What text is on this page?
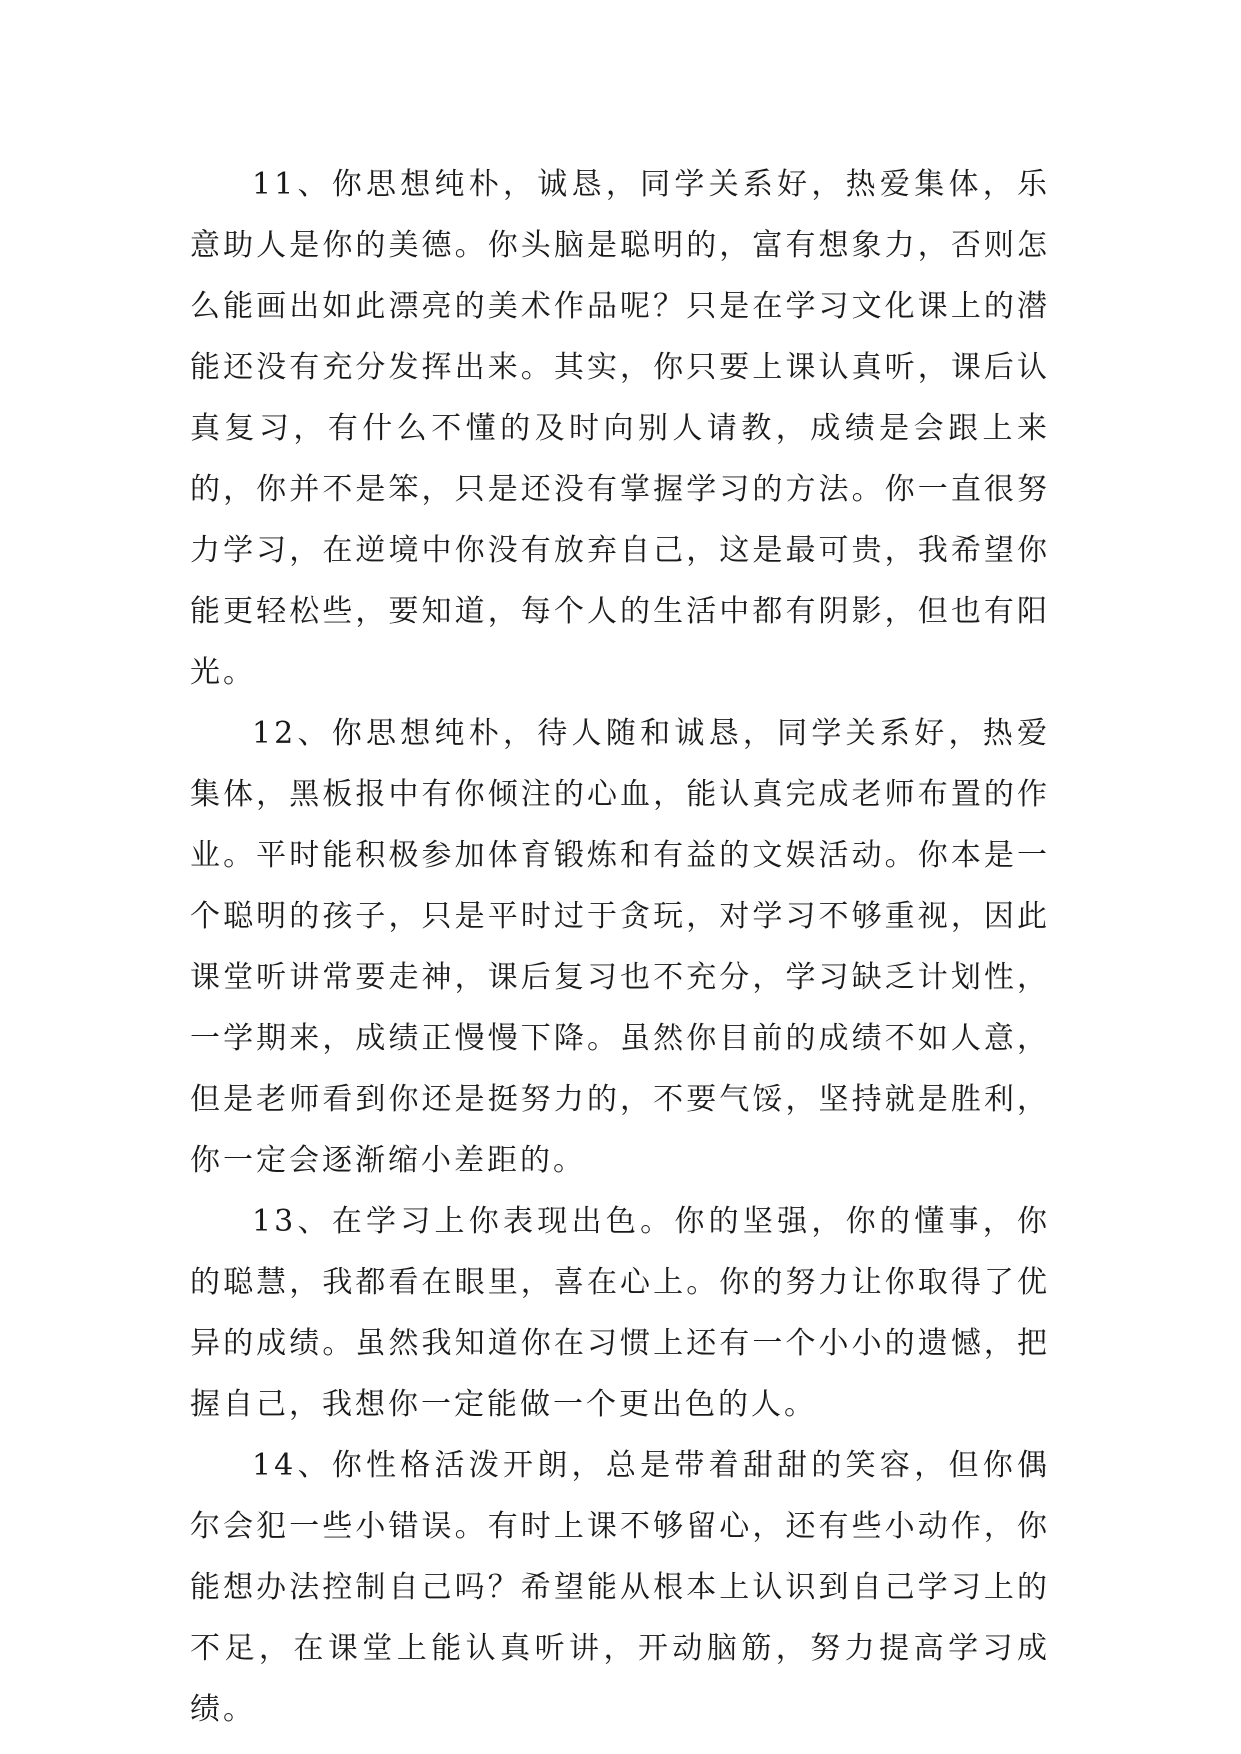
11、你思想纯朴，诚恳，同学关系好，热爱集体，乐意助人是你的美德。你头脑是聪明的，富有想象力，否则怎么能画出如此漂亮的美术作品呢？只是在学习文化课上的潜能还没有充分发挥出来。其实，你只要上课认真听，课后认真复习，有什么不懂的及时向别人请教，成绩是会跟上来的，你并不是笨，只是还没有掌握学习的方法。你一直很努力学习，在逆境中你没有放弃自己，这是最可贵，我希望你能更轻松些，要知道，每个人的生活中都有阴影，但也有阳光。

12、你思想纯朴，待人随和诚恳，同学关系好，热爱集体，黑板报中有你倾注的心血，能认真完成老师布置的作业。平时能积极参加体育锻炼和有益的文娱活动。你本是一个聪明的孩子，只是平时过于贪玩，对学习不够重视，因此课堂听讲常要走神，课后复习也不充分，学习缺乏计划性，一学期来，成绩正慢慢下降。虽然你目前的成绩不如人意，但是老师看到你还是挺努力的，不要气馁，坚持就是胜利，你一定会逐渐缩小差距的。

13、在学习上你表现出色。你的坚强，你的懂事，你的聪慧，我都看在眼里，喜在心上。你的努力让你取得了优异的成绩。虽然我知道你在习惯上还有一个小小的遗憾，把握自己，我想你一定能做一个更出色的人。

14、你性格活泼开朗，总是带着甜甜的笑容，但你偶尔会犯一些小错误。有时上课不够留心，还有些小动作，你能想办法控制自己吗？希望能从根本上认识到自己学习上的不足，在课堂上能认真听讲，开动脑筋，努力提高学习成绩。
